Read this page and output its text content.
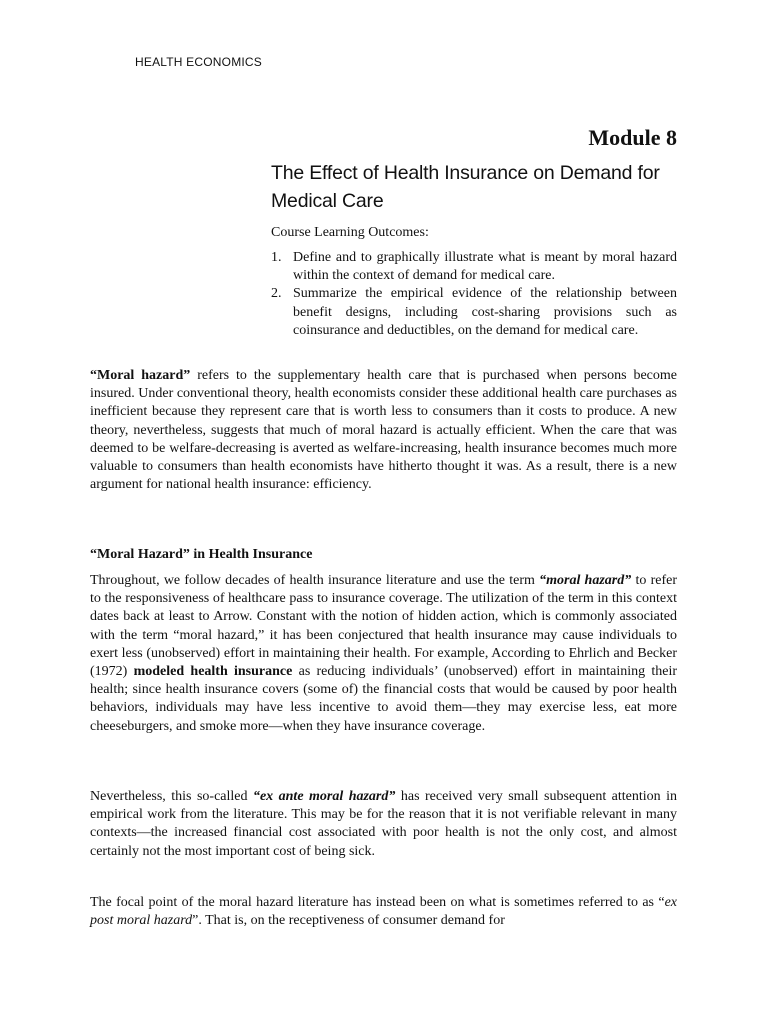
HEALTH ECONOMICS
Module 8
The Effect of Health Insurance on Demand for Medical Care
Course Learning Outcomes:
1. Define and to graphically illustrate what is meant by moral hazard within the context of demand for medical care.
2. Summarize the empirical evidence of the relationship between benefit designs, including cost-sharing provisions such as coinsurance and deductibles, on the demand for medical care.

“Moral hazard” refers to the supplementary health care that is purchased when persons become insured. Under conventional theory, health economists consider these additional health care purchases as inefficient because they represent care that is worth less to consumers than it costs to produce. A new theory, nevertheless, suggests that much of moral hazard is actually efficient. When the care that was deemed to be welfare-decreasing is averted as welfare-increasing, health insurance becomes much more valuable to consumers than health economists have hitherto thought it was. As a result, there is a new argument for national health insurance: efficiency.

“Moral Hazard” in Health Insurance

Throughout, we follow decades of health insurance literature and use the term “moral hazard” to refer to the responsiveness of healthcare pass to insurance coverage. The utilization of the term in this context dates back at least to Arrow. Constant with the notion of hidden action, which is commonly associated with the term “moral hazard,” it has been conjectured that health insurance may cause individuals to exert less (unobserved) effort in maintaining their health. For example, According to Ehrlich and Becker (1972) modeled health insurance as reducing individuals’ (unobserved) effort in maintaining their health; since health insurance covers (some of) the financial costs that would be caused by poor health behaviors, individuals may have less incentive to avoid them—they may exercise less, eat more cheeseburgers, and smoke more—when they have insurance coverage.

Nevertheless, this so-called “ex ante moral hazard” has received very small subsequent attention in empirical work from the literature. This may be for the reason that it is not verifiable relevant in many contexts—the increased financial cost associated with poor health is not the only cost, and almost certainly not the most important cost of being sick.

The focal point of the moral hazard literature has instead been on what is sometimes referred to as “ex post moral hazard”. That is, on the receptiveness of consumer demand for
